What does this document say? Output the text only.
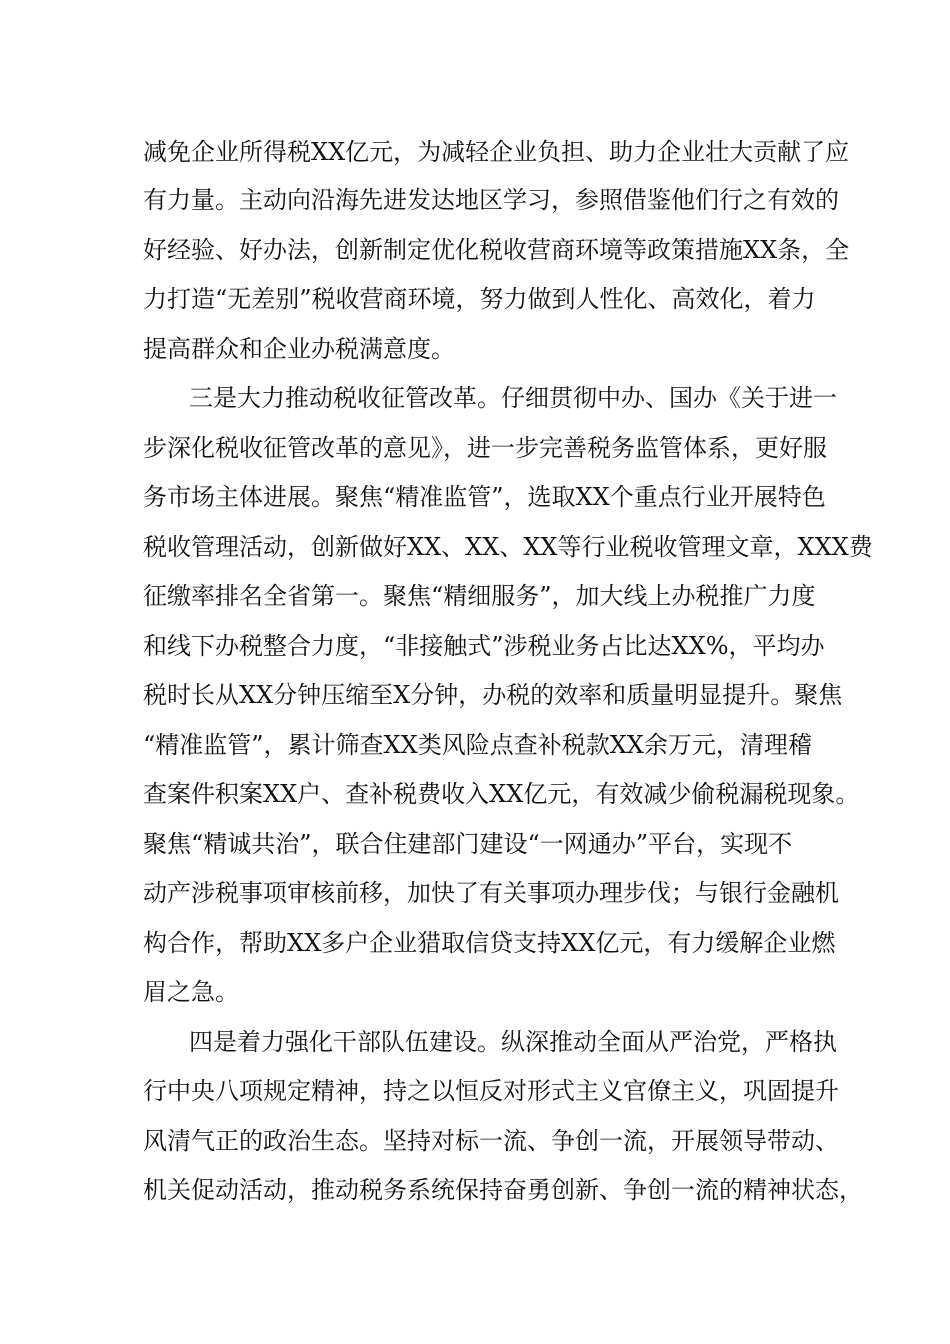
减免企业所得税XX亿元，为减轻企业负担、助力企业壮大贡献了应
有力量。主动向沿海先进发达地区学习，参照借鉴他们行之有效的
好经验、好办法，创新制定优化税收营商环境等政策措施XX条，全
力打造“无差别”税收营商环境，努力做到人性化、高效化，着力
提高群众和企业办税满意度。
三是大力推动税收征管改革。仔细贯彻中办、国办《关于进一
步深化税收征管改革的意见》，进一步完善税务监管体系，更好服
务市场主体进展。聚焦“精准监管”，选取XX个重点行业开展特色
税收管理活动，创新做好XX、XX、XX等行业税收管理文章，XXX费
征缴率排名全省第一。聚焦“精细服务”，加大线上办税推广力度
和线下办税整合力度，“非接触式”涉税业务占比达XX%，平均办
税时长从XX分钟压缩至X分钟，办税的效率和质量明显提升。聚焦
“精准监管”，累计筛查XX类风险点查补税款XX余万元，清理稽
查案件积案XX户、查补税费收入XX亿元，有效减少偷税漏税现象。
聚焦“精诚共治”，联合住建部门建设“一网通办”平台，实现不
动产涉税事项审核前移，加快了有关事项办理步伐；与银行金融机
构合作，帮助XX多户企业猎取信贷支持XX亿元，有力缓解企业燃
眉之急。
四是着力强化干部队伍建设。纵深推动全面从严治党，严格执
行中央八项规定精神，持之以恒反对形式主义官僚主义，巩固提升
风清气正的政治生态。坚持对标一流、争创一流，开展领导带动、
机关促动活动，推动税务系统保持奋勇创新、争创一流的精神状态，
